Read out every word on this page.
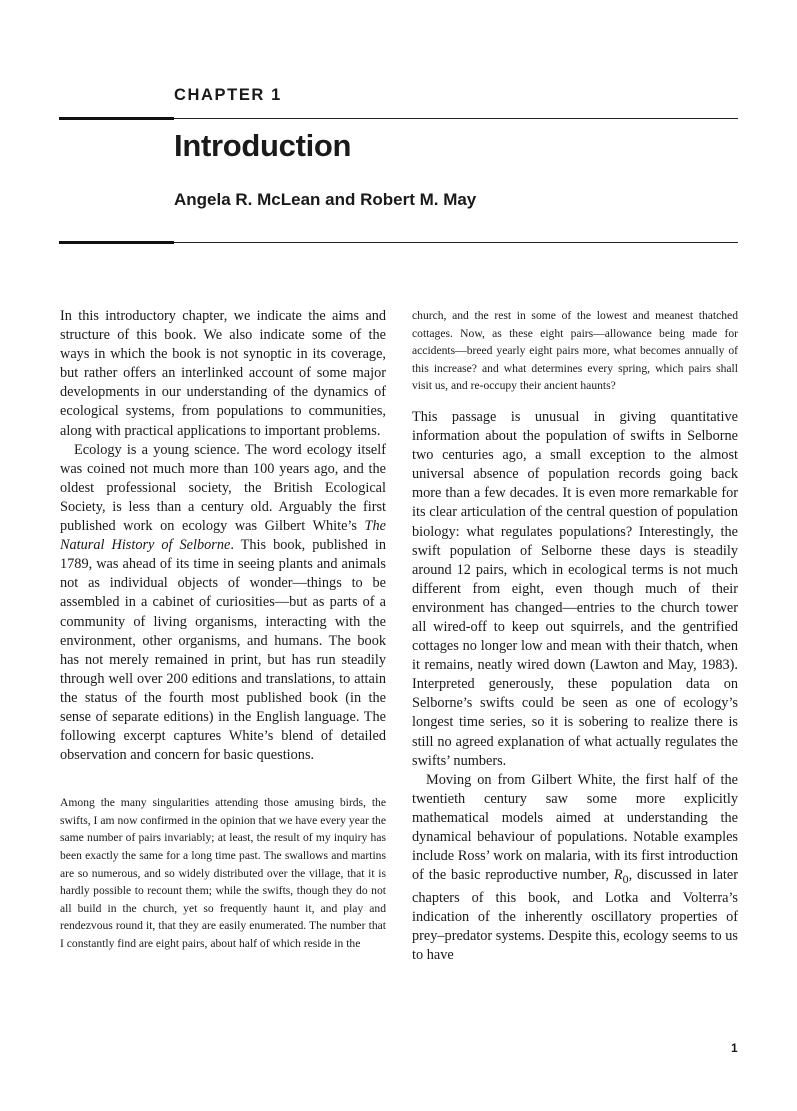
CHAPTER 1
Introduction
Angela R. McLean and Robert M. May

In this introductory chapter, we indicate the aims and structure of this book. We also indicate some of the ways in which the book is not synoptic in its coverage, but rather offers an interlinked account of some major developments in our understanding of the dynamics of ecological systems, from populations to communities, along with practical applications to important problems.

Ecology is a young science. The word ecology itself was coined not much more than 100 years ago, and the oldest professional society, the British Ecological Society, is less than a century old. Arguably the first published work on ecology was Gilbert White’s The Natural History of Selborne. This book, published in 1789, was ahead of its time in seeing plants and animals not as individual objects of wonder—things to be assembled in a cabinet of curiosities—but as parts of a community of living organisms, interacting with the environment, other organisms, and humans. The book has not merely remained in print, but has run steadily through well over 200 editions and translations, to attain the status of the fourth most published book (in the sense of separate editions) in the English language. The following excerpt captures White’s blend of detailed observation and concern for basic questions.

Among the many singularities attending those amusing birds, the swifts, I am now confirmed in the opinion that we have every year the same number of pairs invariably; at least, the result of my inquiry has been exactly the same for a long time past. The swallows and martins are so numerous, and so widely distributed over the village, that it is hardly possible to recount them; while the swifts, though they do not all build in the church, yet so frequently haunt it, and play and rendezvous round it, that they are easily enumerated. The number that I constantly find are eight pairs, about half of which reside in the

church, and the rest in some of the lowest and meanest thatched cottages. Now, as these eight pairs—allowance being made for accidents—breed yearly eight pairs more, what becomes annually of this increase? and what determines every spring, which pairs shall visit us, and re-occupy their ancient haunts?

This passage is unusual in giving quantitative information about the population of swifts in Selborne two centuries ago, a small exception to the almost universal absence of population records going back more than a few decades. It is even more remarkable for its clear articulation of the central question of population biology: what regulates populations? Interestingly, the swift population of Selborne these days is steadily around 12 pairs, which in ecological terms is not much different from eight, even though much of their environment has changed—entries to the church tower all wired-off to keep out squirrels, and the gentrified cottages no longer low and mean with their thatch, when it remains, neatly wired down (Lawton and May, 1983). Interpreted generously, these population data on Selborne’s swifts could be seen as one of ecology’s longest time series, so it is sobering to realize there is still no agreed explanation of what actually regulates the swifts’ numbers.

Moving on from Gilbert White, the first half of the twentieth century saw some more explicitly mathematical models aimed at understanding the dynamical behaviour of populations. Notable examples include Ross’ work on malaria, with its first introduction of the basic reproductive number, $R_0$, discussed in later chapters of this book, and Lotka and Volterra’s indication of the inherently oscillatory properties of prey–predator systems. Despite this, ecology seems to us to have

1
